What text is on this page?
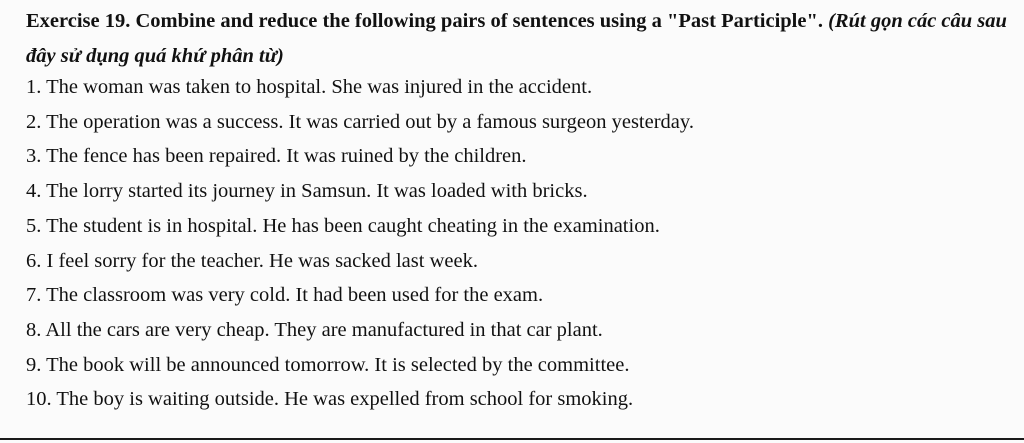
Exercise 19. Combine and reduce the following pairs of sentences using a "Past Participle". (Rút gọn các câu sau đây sử dụng quá khứ phân từ)
1. The woman was taken to hospital. She was injured in the accident.
2. The operation was a success. It was carried out by a famous surgeon yesterday.
3. The fence has been repaired. It was ruined by the children.
4. The lorry started its journey in Samsun. It was loaded with bricks.
5. The student is in hospital. He has been caught cheating in the examination.
6. I feel sorry for the teacher. He was sacked last week.
7. The classroom was very cold. It had been used for the exam.
8. All the cars are very cheap. They are manufactured in that car plant.
9. The book will be announced tomorrow. It is selected by the committee.
10. The boy is waiting outside. He was expelled from school for smoking.
